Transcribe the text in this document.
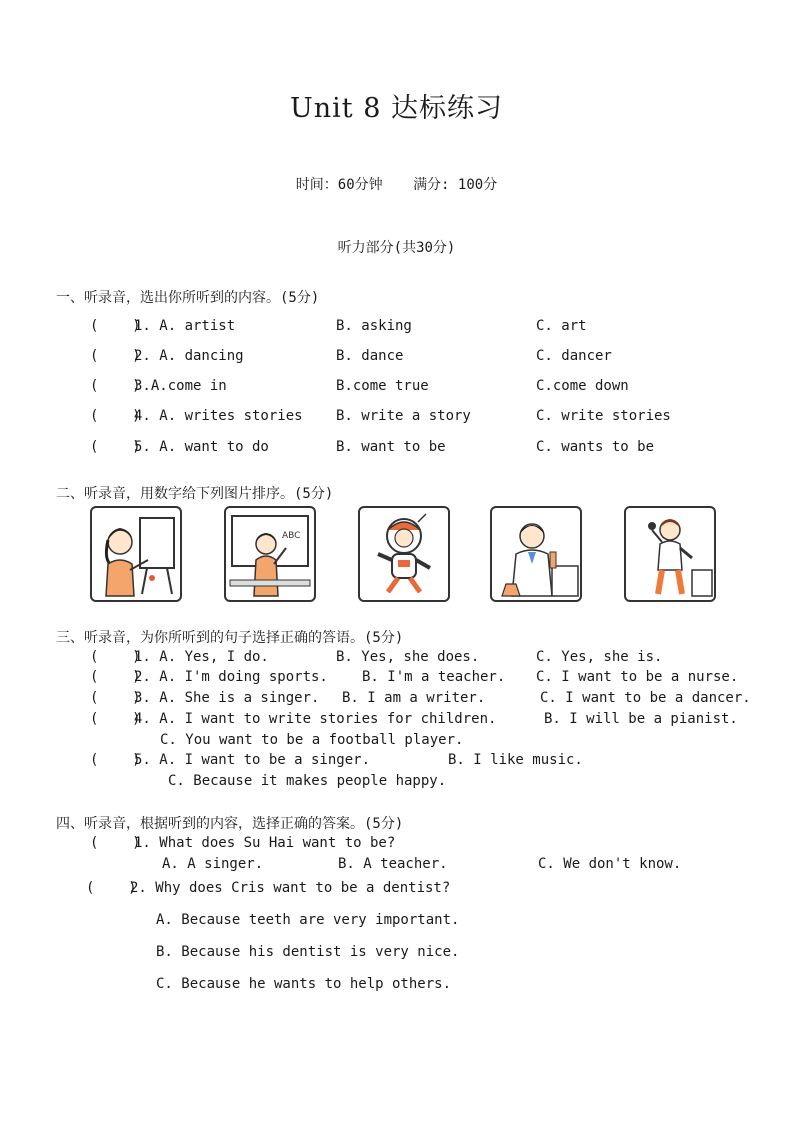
Unit 8 达标练习
时间：60分钟 满分: 100分
听力部分(共30分)
一、听录音，选出你所听到的内容。(5分)
(    )
1. A. artist	B. asking	C. art
(    )
2. A. dancing	B. dance	C. dancer
(    )
3.A.come in	B.come true	C.come down
(    )
4. A. writes stories B. write a story	C. write stories
(    )
5. A. want to do	B. want to be	C. wants to be
二、听录音，用数字给下列图片排序。(5分)
ABC
三、听录音，为你所听到的句子选择正确的答语。(5分)
(    )
1. A. Yes, I do.	B. Yes, she does.	C. Yes, she is.
(    )
2. A. I'm doing sports. B. I'm a teacher. C. I want to be a nurse.
(    )
3. A. She is a singer. B. I am a writer.	C. I want to be a dancer.
(    )
4. A. I want to write stories for children.	B. I will be a pianist.
C. You want to be a football player.
(    )
5. A. I want to be a singer.	B. I like music.
C. Because it makes people happy.
四、听录音，根据听到的内容，选择正确的答案。(5分)
(    )
1. What does Su Hai want to be?
A. A singer.	B. A teacher.	C. We don't know.
(    )
2. Why does Cris want to be a dentist?
A. Because teeth are very important.
B. Because his dentist is very nice.
C. Because he wants to help others.
